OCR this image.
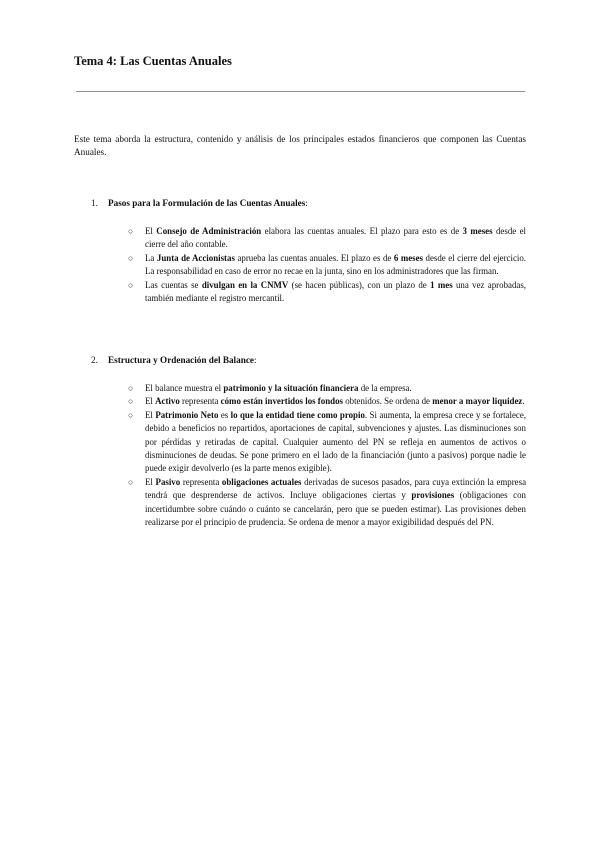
Tema 4: Las Cuentas Anuales

Este tema aborda la estructura, contenido y análisis de los principales estados financieros que componen las Cuentas Anuales.

1. Pasos para la Formulación de las Cuentas Anuales:

○ El Consejo de Administración elabora las cuentas anuales. El plazo para esto es de 3 meses desde el cierre del año contable.
○ La Junta de Accionistas aprueba las cuentas anuales. El plazo es de 6 meses desde el cierre del ejercicio. La responsabilidad en caso de error no recae en la junta, sino en los administradores que las firman.
○ Las cuentas se divulgan en la CNMV (se hacen públicas), con un plazo de 1 mes una vez aprobadas, también mediante el registro mercantil.

2. Estructura y Ordenación del Balance:

○ El balance muestra el patrimonio y la situación financiera de la empresa.
○ El Activo representa cómo están invertidos los fondos obtenidos. Se ordena de menor a mayor liquidez.
○ El Patrimonio Neto es lo que la entidad tiene como propio. Si aumenta, la empresa crece y se fortalece, debido a beneficios no repartidos, aportaciones de capital, subvenciones y ajustes. Las disminuciones son por pérdidas y retiradas de capital. Cualquier aumento del PN se refleja en aumentos de activos o disminuciones de deudas. Se pone primero en el lado de la financiación (junto a pasivos) porque nadie le puede exigir devolverlo (es la parte menos exigible).
○ El Pasivo representa obligaciones actuales derivadas de sucesos pasados, para cuya extinción la empresa tendrá que desprenderse de activos. Incluye obligaciones ciertas y provisiones (obligaciones con incertidumbre sobre cuándo o cuánto se cancelarán, pero que se pueden estimar). Las provisiones deben realizarse por el principio de prudencia. Se ordena de menor a mayor exigibilidad después del PN.
